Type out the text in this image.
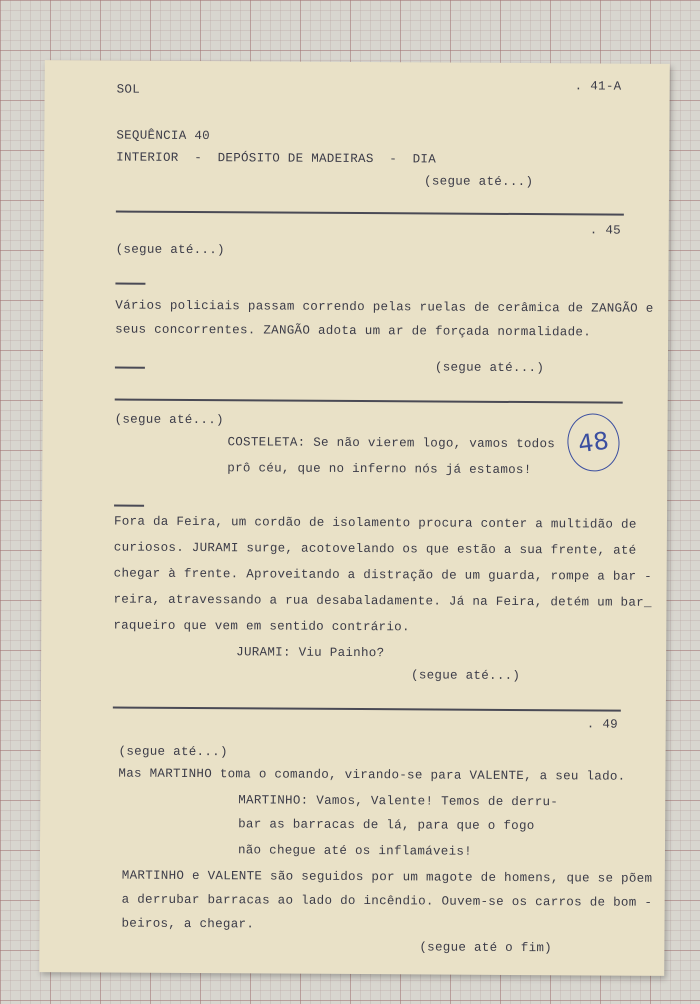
SOL	. 41-A
SEQUÊNCIA 40
INTERIOR  -  DEPÓSITO DE MADEIRAS  -  DIA
(segue até...)
. 45
(segue até...)
Vários policiais passam correndo pelas ruelas de cerâmica de ZANGÃO e
seus concorrentes. ZANGÃO adota um ar de forçada normalidade.
(segue até...)
(segue até...)
COSTELETA: Se não vierem logo, vamos todos
prô céu, que no inferno nós já estamos!
48
Fora da Feira, um cordão de isolamento procura conter a multidão de
curiosos. JURAMI surge, acotovelando os que estão a sua frente, até
chegar à frente. Aproveitando a distração de um guarda, rompe a bar -
reira, atravessando a rua desabaladamente. Já na Feira, detém um bar_
raqueiro que vem em sentido contrário.
JURAMI: Viu Painho?
(segue até...)
. 49
(segue até...)
Mas MARTINHO toma o comando, virando-se para VALENTE, a seu lado.
MARTINHO: Vamos, Valente! Temos de derru-
bar as barracas de lá, para que o fogo
não chegue até os inflamáveis!
MARTINHO e VALENTE são seguidos por um magote de homens, que se põem
a derrubar barracas ao lado do incêndio. Ouvem-se os carros de bom -
beiros, a chegar.
(segue até o fim)
